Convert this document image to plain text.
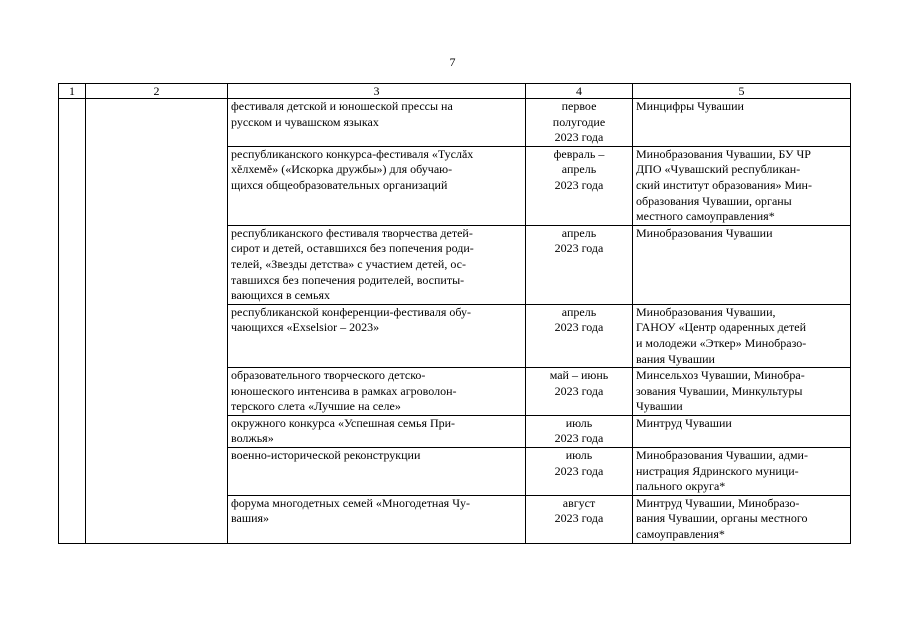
7
1	2	3	4	5

		фестиваля детской и юношеской прессы на
русском и чувашском языках	первое
полугодие
2023 года	Минцифры Чувашии

		республиканского конкурса-фестиваля «Туслăх
хĕлхемĕ» («Искорка дружбы») для обучаю-
щихся общеобразовательных организаций	февраль –
апрель
2023 года	Минобразования Чувашии, БУ ЧР
ДПО «Чувашский республикан-
ский институт образования» Мин-
образования Чувашии, органы
местного самоуправления*

		республиканского фестиваля творчества детей-
сирот и детей, оставшихся без попечения роди-
телей, «Звезды детства» с участием детей, ос-
тавшихся без попечения родителей, воспиты-
вающихся в семьях	апрель
2023 года	Минобразования Чувашии

		республиканской конференции-фестиваля обу-
чающихся «Exselsior – 2023»	апрель
2023 года	Минобразования Чувашии,
ГАНОУ «Центр одаренных детей
и молодежи «Эткер» Минобразо-
вания Чувашии

		образовательного творческого детско-
юношеского интенсива в рамках агроволон-
терского слета «Лучшие на селе»	май – июнь
2023 года	Минсельхоз Чувашии, Минобра-
зования Чувашии, Минкультуры
Чувашии

		окружного конкурса «Успешная семья При-
волжья»	июль
2023 года	Минтруд Чувашии

		военно-исторической реконструкции	июль
2023 года	Минобразования Чувашии, адми-
нистрация Ядринского муници-
пального округа*

		форума многодетных семей «Многодетная Чу-
вашия»	август
2023 года	Минтруд Чувашии, Минобразо-
вания Чувашии, органы местного
самоуправления*
